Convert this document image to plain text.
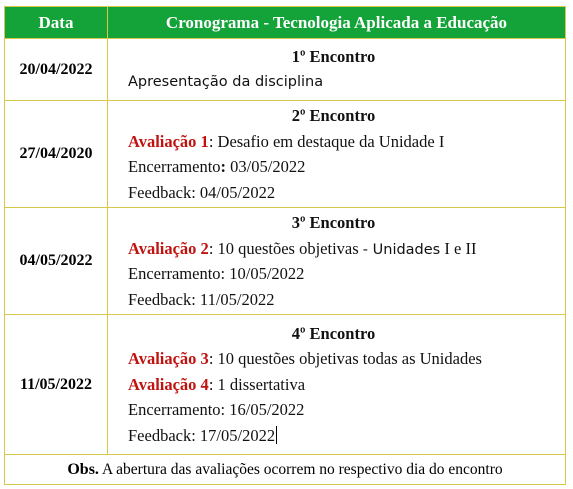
Data	Cronograma - Tecnologia Aplicada a Educação
20/04/2022	1º Encontro
Apresentação da disciplina

27/04/2020	2º Encontro
Avaliação 1: Desafio em destaque da Unidade I
Encerramento: 03/05/2022
Feedback: 04/05/2022

04/05/2022	3º Encontro
Avaliação 2: 10 questões objetivas - Unidades I e II
Encerramento: 10/05/2022
Feedback: 11/05/2022

11/05/2022	4º Encontro
Avaliação 3: 10 questões objetivas todas as Unidades
Avaliação 4: 1 dissertativa
Encerramento: 16/05/2022
Feedback: 17/05/2022

Obs. A abertura das avaliações ocorrem no respectivo dia do encontro	
